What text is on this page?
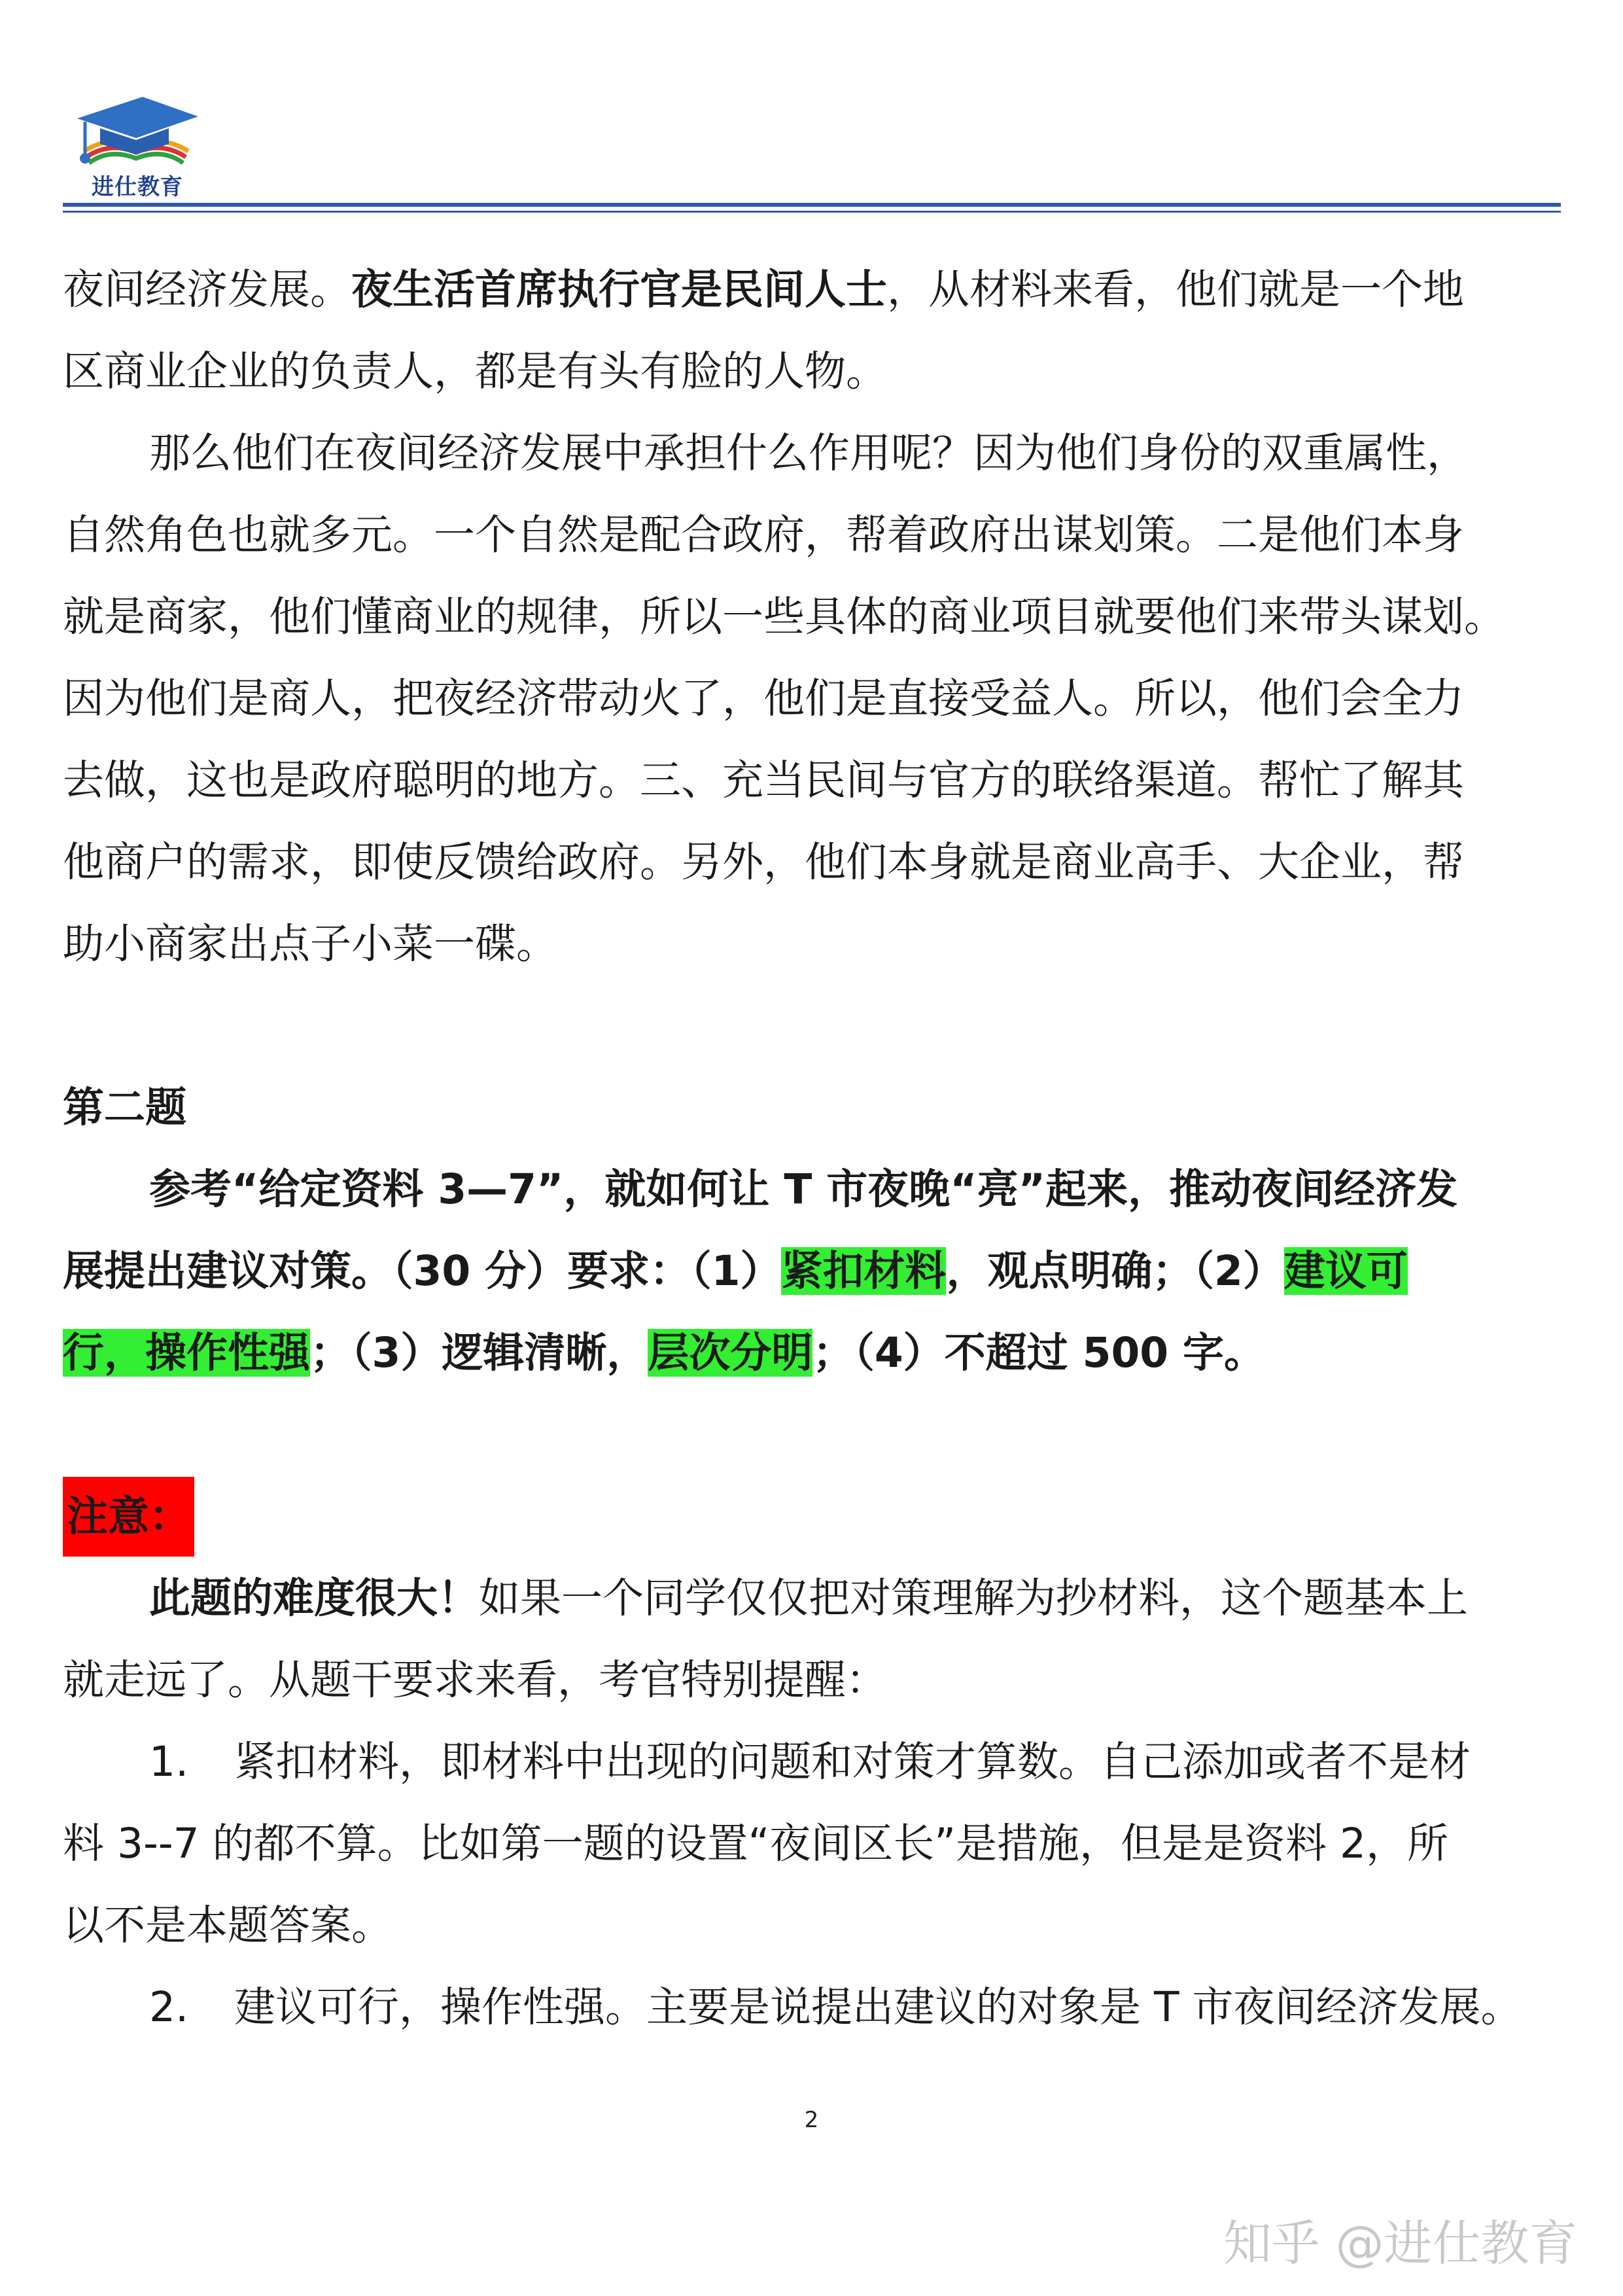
进仕教育

夜间经济发展。夜生活首席执行官是民间人士，从材料来看，他们就是一个地

区商业企业的负责人，都是有头有脸的人物。

那么他们在夜间经济发展中承担什么作用呢？因为他们身份的双重属性，

自然角色也就多元。一个自然是配合政府，帮着政府出谋划策。二是他们本身

就是商家，他们懂商业的规律，所以一些具体的商业项目就要他们来带头谋划。

因为他们是商人，把夜经济带动火了，他们是直接受益人。所以，他们会全力

去做，这也是政府聪明的地方。三、充当民间与官方的联络渠道。帮忙了解其

他商户的需求，即使反馈给政府。另外，他们本身就是商业高手、大企业，帮

助小商家出点子小菜一碟。

第二题

参考“给定资料 3—7”，就如何让 T 市夜晚“亮”起来，推动夜间经济发

展提出建议对策。（30 分）要求：（1）紧扣材料，观点明确；（2）建议可

行，操作性强；（3）逻辑清晰，层次分明；（4）不超过 500 字。

注意：

此题的难度很大！如果一个同学仅仅把对策理解为抄材料，这个题基本上

就走远了。从题干要求来看，考官特别提醒：

1. 紧扣材料，即材料中出现的问题和对策才算数。自己添加或者不是材

料 3--7 的都不算。比如第一题的设置“夜间区长”是措施，但是是资料 2，所

以不是本题答案。

2. 建议可行，操作性强。主要是说提出建议的对象是 T 市夜间经济发展。

2
知乎 @进仕教育
